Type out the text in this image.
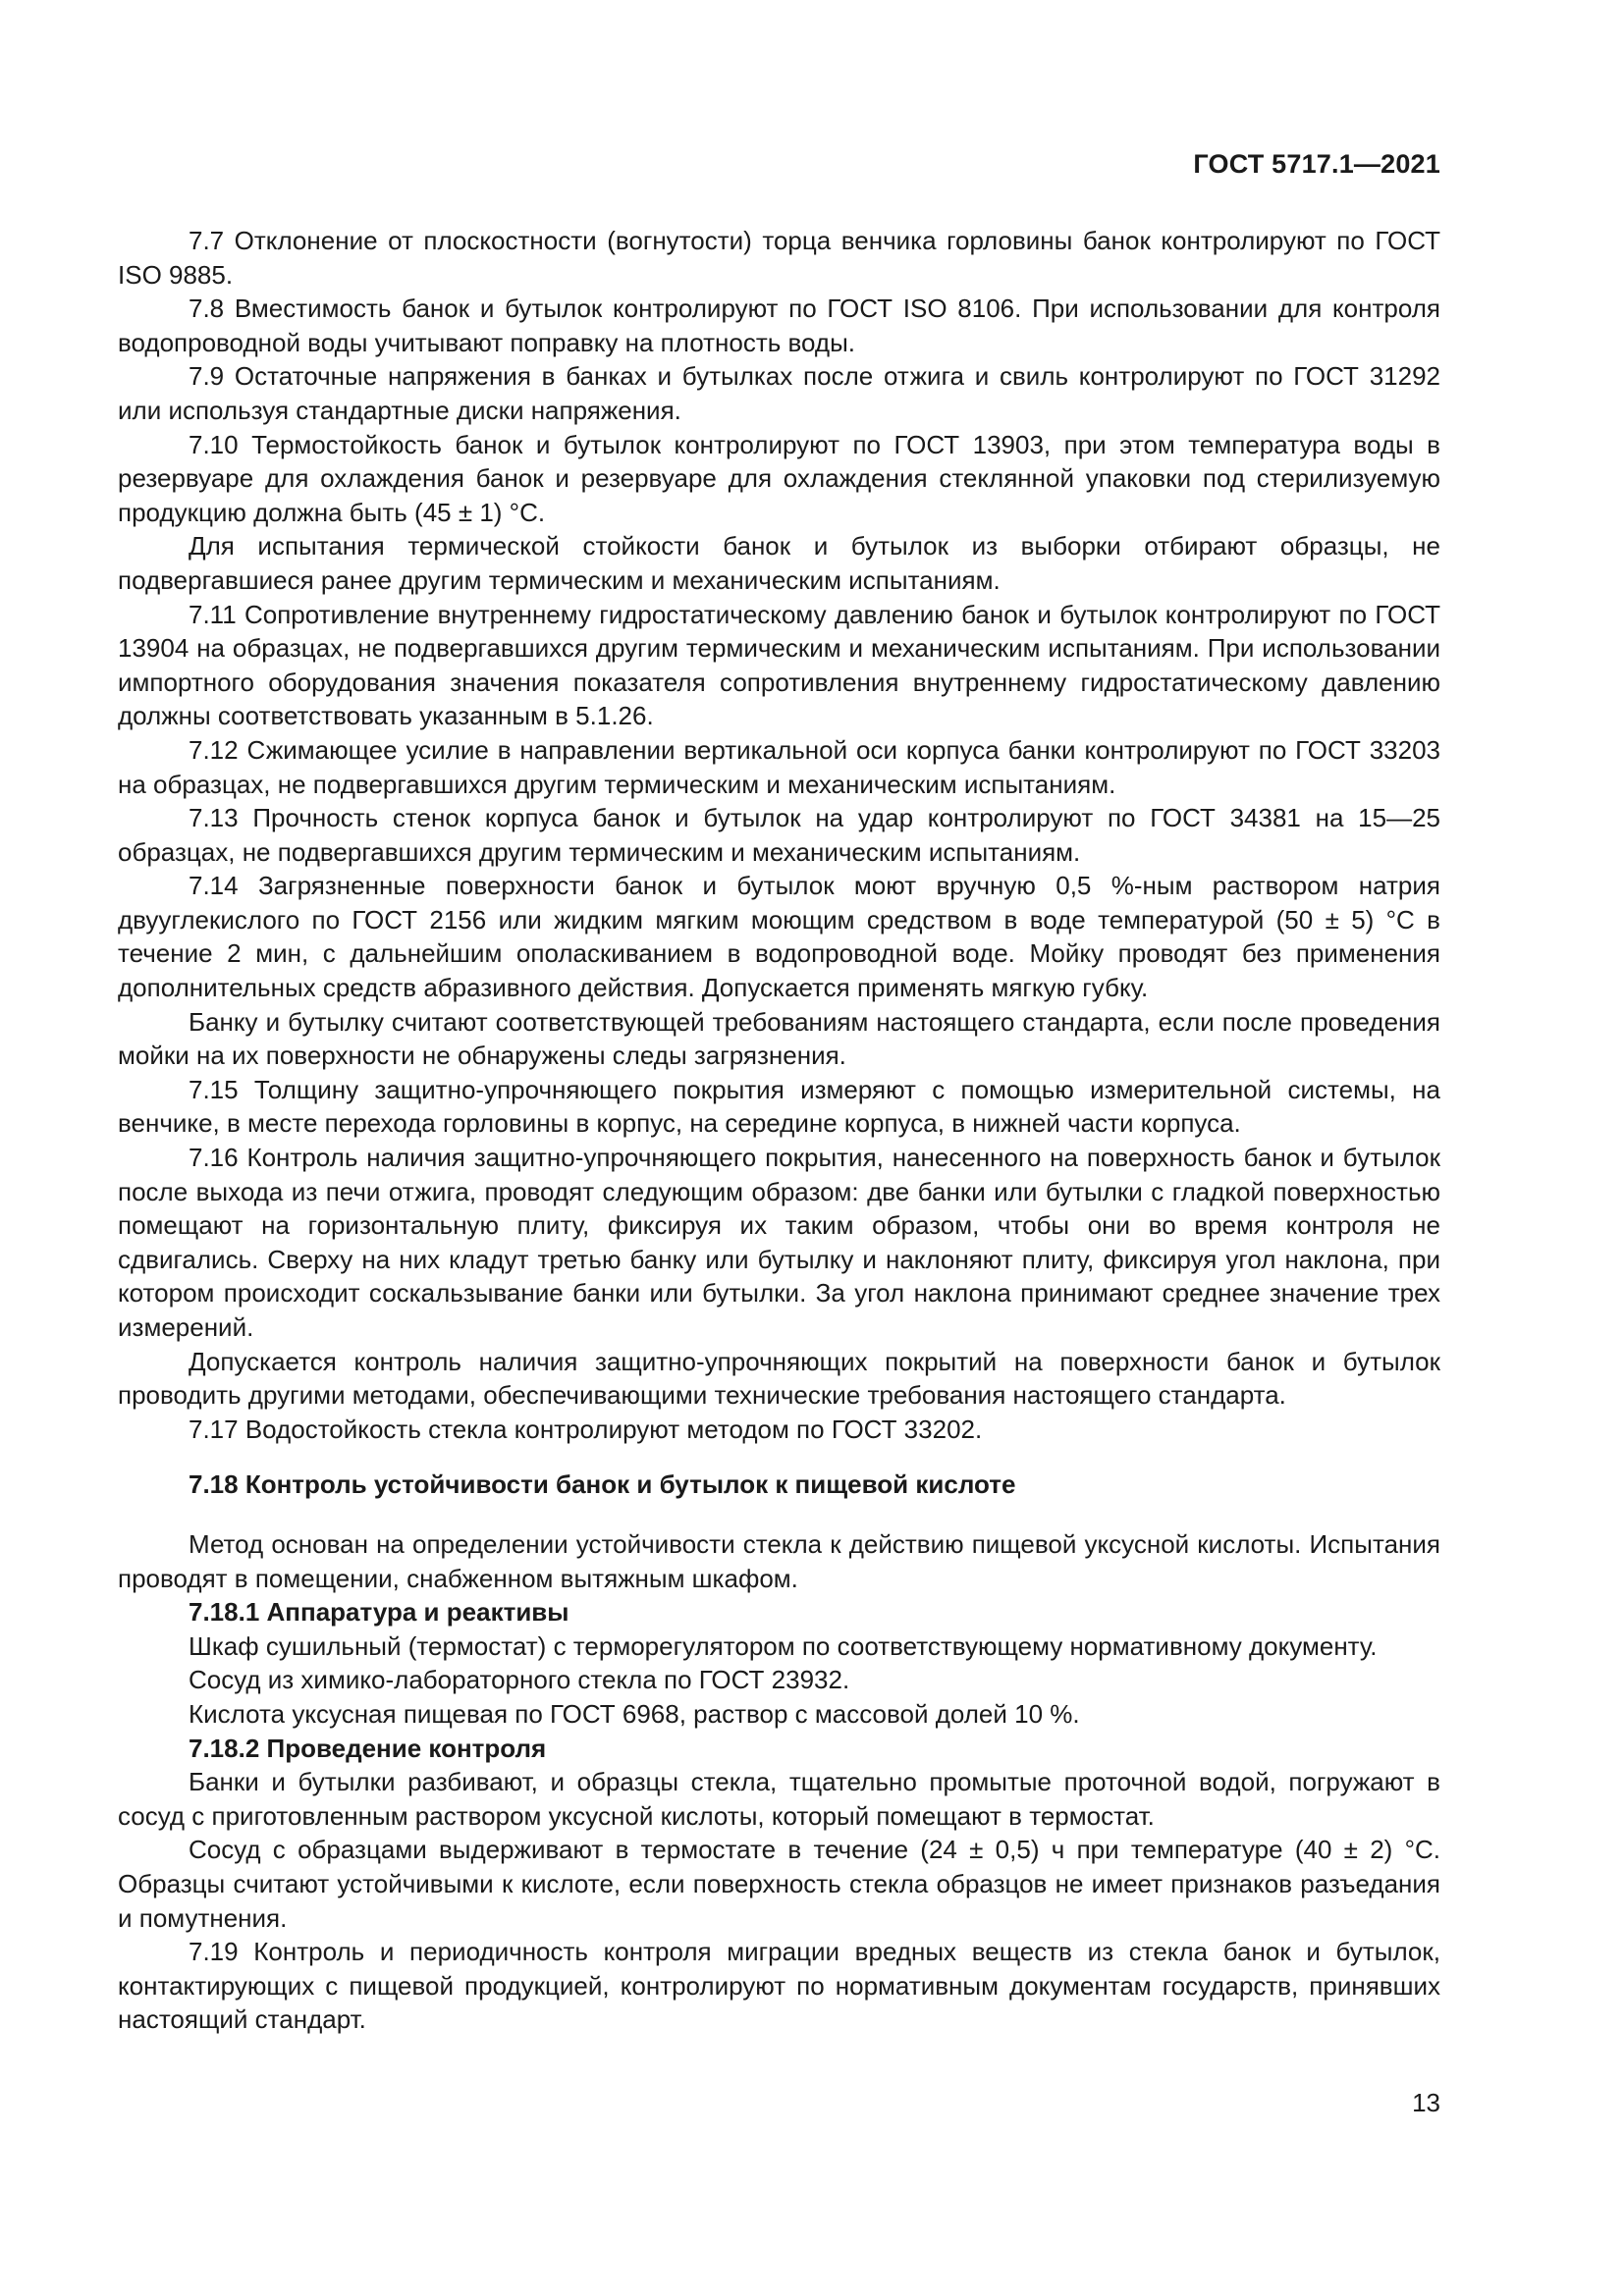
ГОСТ 5717.1—2021

7.7 Отклонение от плоскостности (вогнутости) торца венчика горловины банок контролируют по ГОСТ ISO 9885.

7.8 Вместимость банок и бутылок контролируют по ГОСТ ISO 8106. При использовании для контроля водопроводной воды учитывают поправку на плотность воды.

7.9 Остаточные напряжения в банках и бутылках после отжига и свиль контролируют по ГОСТ 31292 или используя стандартные диски напряжения.

7.10 Термостойкость банок и бутылок контролируют по ГОСТ 13903, при этом температура воды в резервуаре для охлаждения банок и резервуаре для охлаждения стеклянной упаковки под стерилизуемую продукцию должна быть (45 ± 1) °С.

Для испытания термической стойкости банок и бутылок из выборки отбирают образцы, не подвергавшиеся ранее другим термическим и механическим испытаниям.

7.11 Сопротивление внутреннему гидростатическому давлению банок и бутылок контролируют по ГОСТ 13904 на образцах, не подвергавшихся другим термическим и механическим испытаниям. При использовании импортного оборудования значения показателя сопротивления внутреннему гидростатическому давлению должны соответствовать указанным в 5.1.26.

7.12 Сжимающее усилие в направлении вертикальной оси корпуса банки контролируют по ГОСТ 33203 на образцах, не подвергавшихся другим термическим и механическим испытаниям.

7.13 Прочность стенок корпуса банок и бутылок на удар контролируют по ГОСТ 34381 на 15—25 образцах, не подвергавшихся другим термическим и механическим испытаниям.

7.14 Загрязненные поверхности банок и бутылок моют вручную 0,5 %-ным раствором натрия двууглекислого по ГОСТ 2156 или жидким мягким моющим средством в воде температурой (50 ± 5) °С в течение 2 мин, с дальнейшим ополаскиванием в водопроводной воде. Мойку проводят без применения дополнительных средств абразивного действия. Допускается применять мягкую губку.

Банку и бутылку считают соответствующей требованиям настоящего стандарта, если после проведения мойки на их поверхности не обнаружены следы загрязнения.

7.15 Толщину защитно-упрочняющего покрытия измеряют с помощью измерительной системы, на венчике, в месте перехода горловины в корпус, на середине корпуса, в нижней части корпуса.

7.16 Контроль наличия защитно-упрочняющего покрытия, нанесенного на поверхность банок и бутылок после выхода из печи отжига, проводят следующим образом: две банки или бутылки с гладкой поверхностью помещают на горизонтальную плиту, фиксируя их таким образом, чтобы они во время контроля не сдвигались. Сверху на них кладут третью банку или бутылку и наклоняют плиту, фиксируя угол наклона, при котором происходит соскальзывание банки или бутылки. За угол наклона принимают среднее значение трех измерений.

Допускается контроль наличия защитно-упрочняющих покрытий на поверхности банок и бутылок проводить другими методами, обеспечивающими технические требования настоящего стандарта.

7.17 Водостойкость стекла контролируют методом по ГОСТ 33202.

7.18 Контроль устойчивости банок и бутылок к пищевой кислоте

Метод основан на определении устойчивости стекла к действию пищевой уксусной кислоты. Испытания проводят в помещении, снабженном вытяжным шкафом.

7.18.1 Аппаратура и реактивы

Шкаф сушильный (термостат) с терморегулятором по соответствующему нормативному документу.

Сосуд из химико-лабораторного стекла по ГОСТ 23932.

Кислота уксусная пищевая по ГОСТ 6968, раствор с массовой долей 10 %.

7.18.2 Проведение контроля

Банки и бутылки разбивают, и образцы стекла, тщательно промытые проточной водой, погружают в сосуд с приготовленным раствором уксусной кислоты, который помещают в термостат.

Сосуд с образцами выдерживают в термостате в течение (24 ± 0,5) ч при температуре (40 ± 2) °С. Образцы считают устойчивыми к кислоте, если поверхность стекла образцов не имеет признаков разъедания и помутнения.

7.19 Контроль и периодичность контроля миграции вредных веществ из стекла банок и бутылок, контактирующих с пищевой продукцией, контролируют по нормативным документам государств, принявших настоящий стандарт.

13
